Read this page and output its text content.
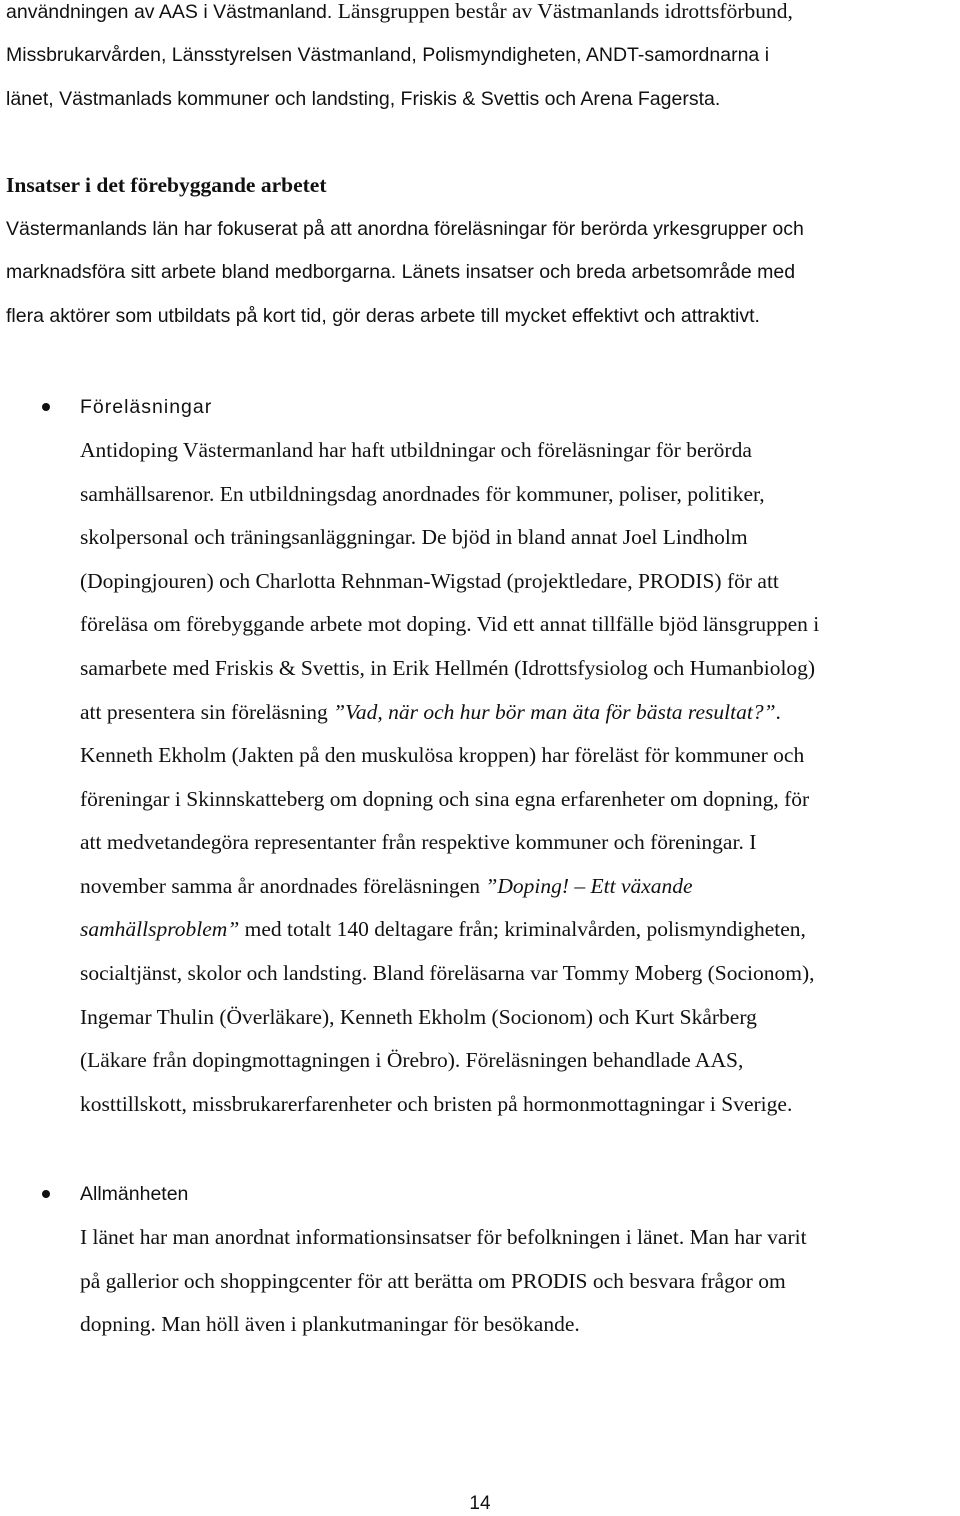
användningen av AAS i Västmanland. Länsgruppen består av Västmanlands idrottsförbund,
Missbrukarvården, Länsstyrelsen Västmanland, Polismyndigheten, ANDT-samordnarna i
länet, Västmanlads kommuner och landsting, Friskis & Svettis och Arena Fagersta.
Insatser i det förebyggande arbetet
Västermanlands län har fokuserat på att anordna föreläsningar för berörda yrkesgrupper och
marknadsföra sitt arbete bland medborgarna. Länets insatser och breda arbetsområde med
flera aktörer som utbildats på kort tid, gör deras arbete till mycket effektivt och attraktivt.
Föreläsningar
Antidoping Västermanland har haft utbildningar och föreläsningar för berörda
samhällsarenor. En utbildningsdag anordnades för kommuner, poliser, politiker,
skolpersonal och träningsanläggningar. De bjöd in bland annat Joel Lindholm
(Dopingjouren) och Charlotta Rehnman-Wigstad (projektledare, PRODIS) för att
föreläsa om förebyggande arbete mot doping. Vid ett annat tillfälle bjöd länsgruppen i
samarbete med Friskis & Svettis, in Erik Hellmén (Idrottsfysiolog och Humanbiolog)
att presentera sin föreläsning ”Vad, när och hur bör man äta för bästa resultat?”.
Kenneth Ekholm (Jakten på den muskulösa kroppen) har föreläst för kommuner och
föreningar i Skinnskatteberg om dopning och sina egna erfarenheter om dopning, för
att medvetandegöra representanter från respektive kommuner och föreningar. I
november samma år anordnades föreläsningen ”Doping! – Ett växande
samhällsproblem” med totalt 140 deltagare från; kriminalvården, polismyndigheten,
socialtjänst, skolor och landsting. Bland föreläsarna var Tommy Moberg (Socionom),
Ingemar Thulin (Överläkare), Kenneth Ekholm (Socionom) och Kurt Skårberg
(Läkare från dopingmottagningen i Örebro). Föreläsningen behandlade AAS,
kosttillskott, missbrukarerfarenheter och bristen på hormonmottagningar i Sverige.
Allmänheten
I länet har man anordnat informationsinsatser för befolkningen i länet. Man har varit
på gallerior och shoppingcenter för att berätta om PRODIS och besvara frågor om
dopning. Man höll även i plankutmaningar för besökande.
14
